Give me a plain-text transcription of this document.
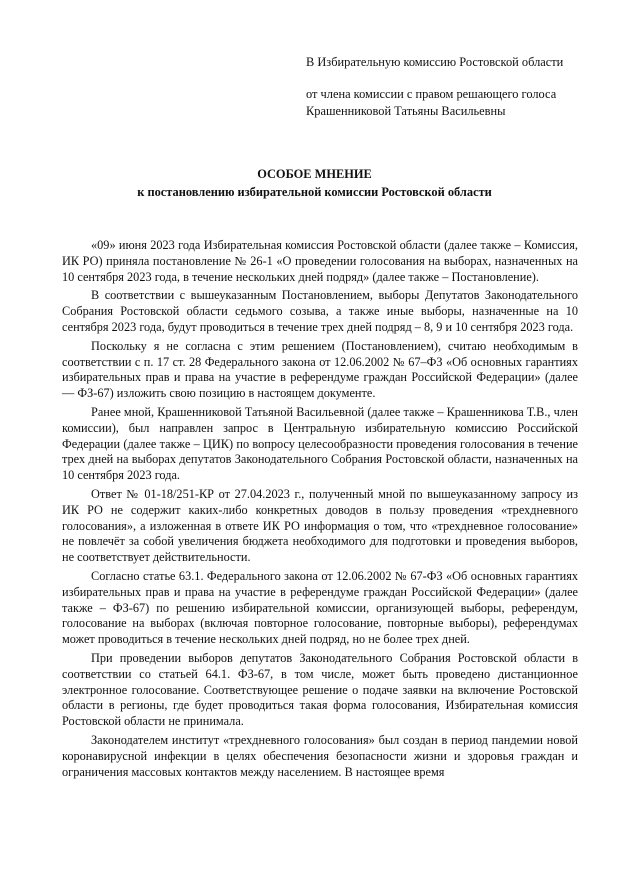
В Избирательную комиссию Ростовской области
от члена комиссии с правом решающего голоса
Крашенниковой Татьяны Васильевны
ОСОБОЕ МНЕНИЕ
к постановлению избирательной комиссии Ростовской области

«09» июня 2023 года Избирательная комиссия Ростовской области (далее также – Комиссия, ИК РО) приняла постановление № 26-1 «О проведении голосования на выборах, назначенных на 10 сентября 2023 года, в течение нескольких дней подряд» (далее также – Постановление).

В соответствии с вышеуказанным Постановлением, выборы Депутатов Законодательного Собрания Ростовской области седьмого созыва, а также иные выборы, назначенные на 10 сентября 2023 года, будут проводиться в течение трех дней подряд – 8, 9 и 10 сентября 2023 года.

Поскольку я не согласна с этим решением (Постановлением), считаю необходимым в соответствии с п. 17 ст. 28 Федерального закона от 12.06.2002 № 67–ФЗ «Об основных гарантиях избирательных прав и права на участие в референдуме граждан Российской Федерации» (далее — ФЗ-67) изложить свою позицию в настоящем документе.

Ранее мной, Крашенниковой Татьяной Васильевной (далее также – Крашенникова Т.В., член комиссии), был направлен запрос в Центральную избирательную комиссию Российской Федерации (далее также – ЦИК) по вопросу целесообразности проведения голосования в течение трех дней на выборах депутатов Законодательного Собрания Ростовской области, назначенных на 10 сентября 2023 года.

Ответ № 01-18/251-КР от 27.04.2023 г., полученный мной по вышеуказанному запросу из ИК РО не содержит каких-либо конкретных доводов в пользу проведения «трехдневного голосования», а изложенная в ответе ИК РО информация о том, что «трехдневное голосование» не повлечёт за собой увеличения бюджета необходимого для подготовки и проведения выборов, не соответствует действительности.

Согласно статье 63.1. Федерального закона от 12.06.2002 № 67-ФЗ «Об основных гарантиях избирательных прав и права на участие в референдуме граждан Российской Федерации» (далее также – ФЗ-67) по решению избирательной комиссии, организующей выборы, референдум, голосование на выборах (включая повторное голосование, повторные выборы), референдумах может проводиться в течение нескольких дней подряд, но не более трех дней.

При проведении выборов депутатов Законодательного Собрания Ростовской области в соответствии со статьей 64.1. ФЗ-67, в том числе, может быть проведено дистанционное электронное голосование. Соответствующее решение о подаче заявки на включение Ростовской области в регионы, где будет проводиться такая форма голосования, Избирательная комиссия Ростовской области не принимала.

Законодателем институт «трехдневного голосования» был создан в период пандемии новой коронавирусной инфекции в целях обеспечения безопасности жизни и здоровья граждан и ограничения массовых контактов между населением. В настоящее время
